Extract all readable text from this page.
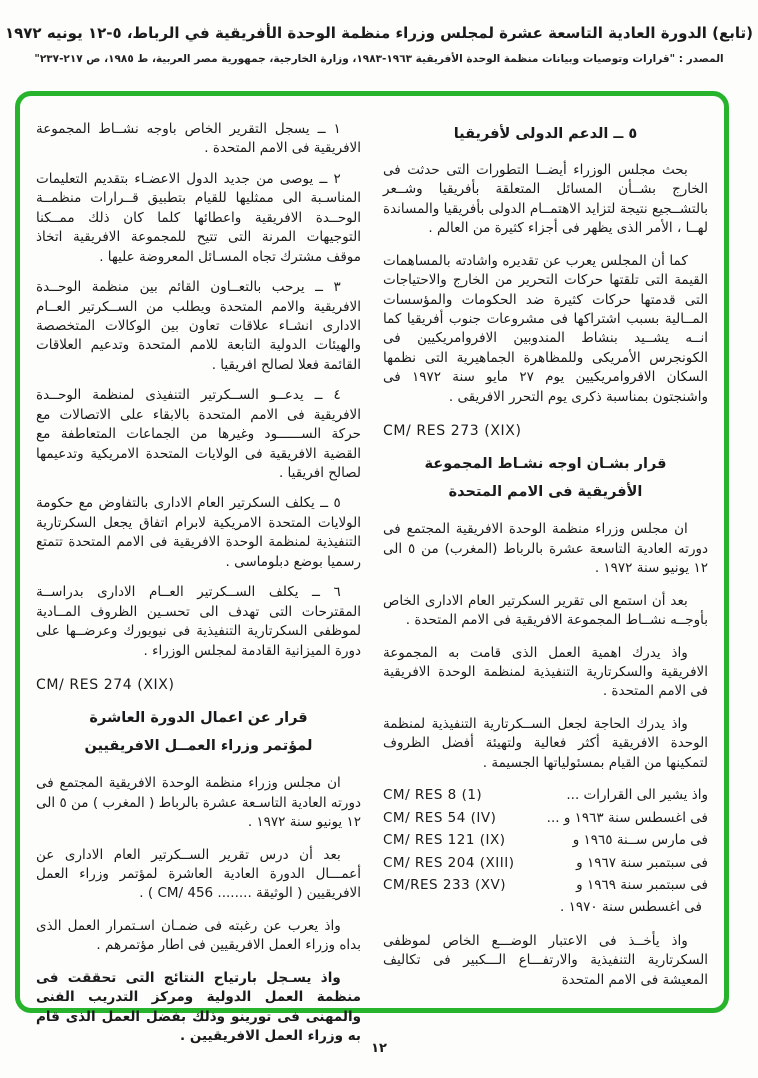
(تابع) الدورة العادية التاسعة عشرة لمجلس وزراء منظمة الوحدة الأفريقية في الرباط، ٥-١٢ يونيه ١٩٧٢
المصدر : "قرارات وتوصيات وبيانات منظمة الوحدة الأفريقية ١٩٦٣-١٩٨٣، وزارة الخارجية، جمهورية مصر العربية، ط ١٩٨٥، ص ٢١٧-٢٣٧"
٥ ــ الدعم الدولى لأفريقيا

بحث مجلس الوزراء أيضــا التطورات التى حدثت فى الخارج بشــأن المسائل المتعلقة بأفريقيا وشــعر بالتشــجيع نتيجة لتزايد الاهتمــام الدولى بأفريقيا والمساندة لهــا ، الأمر الذى يظهر فى أجزاء كثيرة من العالم .

كما أن المجلس يعرب عن تقديره واشادته بالمساهمات القيمة التى تلقتها حركات التحرير من الخارج والاحتياجات التى قدمتها حركات كثيرة ضد الحكومات والمؤسسات المــالية بسبب اشتراكها فى مشروعات جنوب أفريقيا كما انــه يشــيد بنشاط المندوبين الافروامريكيين فى الكونجرس الأمريكى وللمظاهرة الجماهيرية التى نظمها السكان الافروامريكيين يوم ٢٧ مايو سنة ١٩٧٢ فى واشنجتون بمناسبة ذكرى يوم التحرر الافريقى .

CM/ RES 273 (XIX)
قرار بشـان اوجه نشـاط المجموعة
الأفريقية فى الامم المتحدة

ان مجلس وزراء منظمة الوحدة الافريقية المجتمع فى دورته العادية التاسعة عشرة بالرباط (المغرب) من ٥ الى ١٢ يونيو سنة ١٩٧٢ .

بعد أن استمع الى تقرير السكرتير العام الادارى الخاص بأوجــه نشــاط المجموعة الافريقية فى الامم المتحدة .

واذ يدرك اهمية العمل الذى قامت به المجموعة الافريقية والسكرتارية التنفيذية لمنظمة الوحدة الافريقية فى الامم المتحدة .

واذ يدرك الحاجة لجعل الســكرتارية التنفيذية لمنظمة الوحدة الافريقية أكثر فعالية ولتهيئة أفضل الظروف لتمكينها من القيام بمسئولياتها الجسيمة .

CM/ RES 8 (1)	واذ يشير الى القرارات ...
CM/ RES 54 (IV)	فى اغسطس سنة ١٩٦٣ و ...
CM/ RES 121 (IX)	فى مارس ســنة ١٩٦٥ و
CM/ RES 204 (XIII)	فى سبتمبر سنة ١٩٦٧ و
CM/RES 233 (XV)	فى سبتمبر سنة ١٩٦٩ و
فى اغسطس سنة ١٩٧٠ .

واذ يأخــذ فى الاعتبار الوضـــع الخاص لموظفى السكرتارية التنفيذية والارتفـــاع الـــكبير فى تكاليف المعيشة فى الامم المتحدة

١ ــ يسجل التقرير الخاص باوجه نشــاط المجموعة الافريقية فى الامم المتحدة .

٢ ــ يوصى من جديد الدول الاعضـاء بتقديم التعليمات المناسـبة الى ممثليها للقيام بتطبيق قــرارات منظمــة الوحــدة الافريقية واعطائها كلما كان ذلك ممــكنا التوجيهات المرنة التى تتيح للمجموعة الافريقية اتخاذ موقف مشترك تجاه المسـائل المعروضة عليها .

٣ ــ يرحب بالتعــاون القائم بين منظمة الوحــدة الافريقية والامم المتحدة ويطلب من الســكرتير العــام الادارى انشـاء علاقات تعاون بين الوكالات المتخصصة والهيئات الدولية التابعة للامم المتحدة وتدعيم العلاقات القائمة فعلا لصالح افريقيا .

٤ ــ يدعــو الســكرتير التنفيذى لمنظمة الوحــدة الافريقية فى الامم المتحدة بالابقاء على الاتصالات مع حركة الســــــود وغيرها من الجماعات المتعاطفة مع القضية الافريقية فى الولايات المتحدة الامريكية وتدعيمها لصالح افريقيا .

٥ ــ يكلف السكرتير العام الادارى بالتفاوض مع حكومة الولايات المتحدة الامريكية لابرام اتفاق يجعل السكرتارية التنفيذية لمنظمة الوحدة الافريقية فى الامم المتحدة تتمتع رسميا بوضع دبلوماسى .

٦ ــ يكلف الســكرتير العــام الادارى بدراســة المقترحات التى تهدف الى تحسـين الظروف المــادية لموظفى السكرتارية التنفيذية فى نيويورك وعرضــها على دورة الميزانية القادمة لمجلس الوزراء .

CM/ RES 274 (XIX)
قرار عن اعمال الدورة العاشرة
لمؤتمر وزراء العمــل الافريقيين

ان مجلس وزراء منظمة الوحدة الافريقية المجتمع فى دورته العادية التاسـعة عشرة بالرباط ( المغرب ) من ٥ الى ١٢ يونيو سنة ١٩٧٢ .

بعد أن درس تقرير الســكرتير العام الادارى عن أعمـــال الدورة العادية العاشرة لمؤتمر وزراء العمل الافريقيين ( الوثيقة ........ CM/ 456 ) .

واذ يعرب عن رغبته فى ضمـان اسـتمرار العمل الذى بداه وزراء العمل الافريقيين فى اطار مؤتمرهم .

واذ يسـجل بارتياح النتائج التى تحققت فى منظمة العمل الدولية ومركز التدريب الفنى والمهنى فى تورينو وذلك بفضل العمل الذى قام به وزراء العمل الافريقيين .

١٢
